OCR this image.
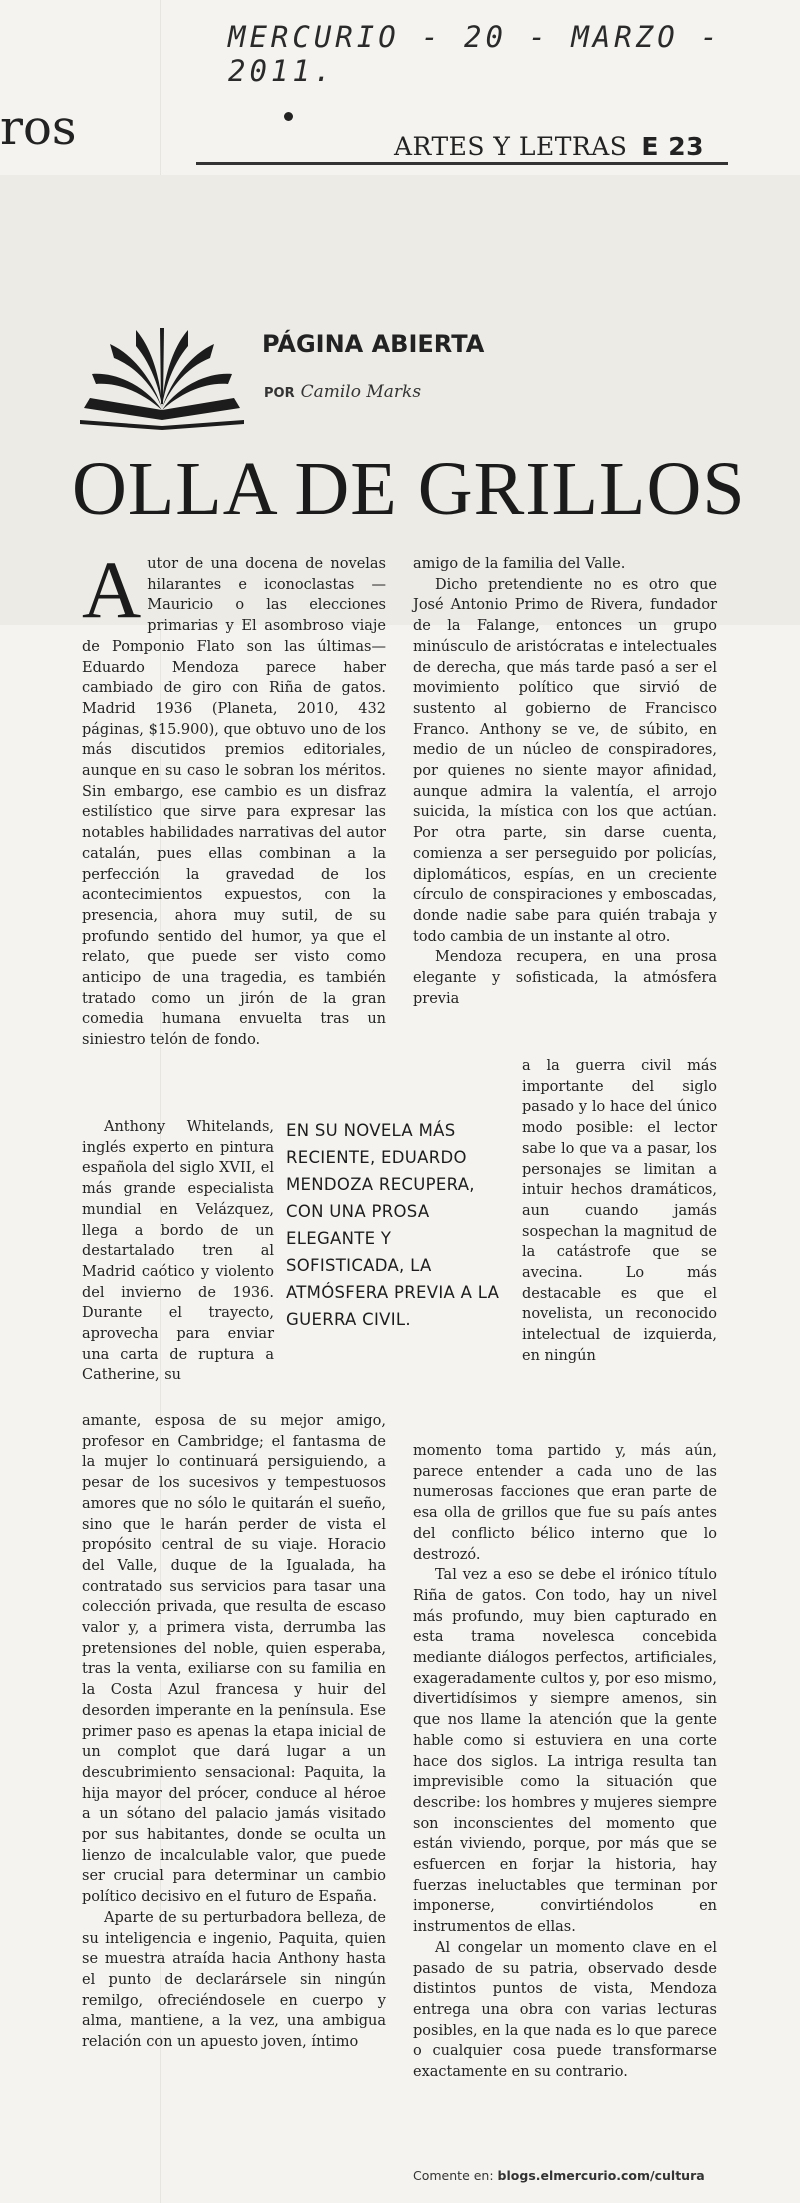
MERCURIO - 20 - MARZO - 2011.
ros	ARTES Y LETRAS E 23
PÁGINA ABIERTA
POR Camilo Marks
OLLA DE GRILLOS
A utor de una docena de novelas hilarantes e iconoclastas —Mauricio o las elecciones primarias y El asombroso viaje de Pomponio Flato son las últimas— Eduardo Mendoza parece haber cambiado de giro con Riña de gatos. Madrid 1936 (Planeta, 2010, 432 páginas, $15.900), que obtuvo uno de los más discutidos premios editoriales, aunque en su caso le sobran los méritos. Sin embargo, ese cambio es un disfraz estilístico que sirve para expresar las notables habilidades narrativas del autor catalán, pues ellas combinan a la perfección la gravedad de los acontecimientos expuestos, con la presencia, ahora muy sutil, de su profundo sentido del humor, ya que el relato, que puede ser visto como anticipo de una tragedia, es también tratado como un jirón de la gran comedia humana envuelta tras un siniestro telón de fondo.

Anthony Whitelands, inglés experto en pintura española del siglo XVII, el más grande especialista mundial en Velázquez, llega a bordo de un destartalado tren al Madrid caótico y violento del invierno de 1936. Durante el trayecto, aprovecha para enviar una carta de ruptura a Catherine, su

EN SU NOVELA MÁS RECIENTE, EDUARDO MENDOZA RECUPERA, CON UNA PROSA ELEGANTE Y SOFISTICADA, LA ATMÓSFERA PREVIA A LA GUERRA CIVIL.

amante, esposa de su mejor amigo, profesor en Cambridge; el fantasma de la mujer lo continuará persiguiendo, a pesar de los sucesivos y tempestuosos amores que no sólo le quitarán el sueño, sino que le harán perder de vista el propósito central de su viaje. Horacio del Valle, duque de la Igualada, ha contratado sus servicios para tasar una colección privada, que resulta de escaso valor y, a primera vista, derrumba las pretensiones del noble, quien esperaba, tras la venta, exiliarse con su familia en la Costa Azul francesa y huir del desorden imperante en la península. Ese primer paso es apenas la etapa inicial de un complot que dará lugar a un descubrimiento sensacional: Paquita, la hija mayor del prócer, conduce al héroe a un sótano del palacio jamás visitado por sus habitantes, donde se oculta un lienzo de incalculable valor, que puede ser crucial para determinar un cambio político decisivo en el futuro de España.

Aparte de su perturbadora belleza, de su inteligencia e ingenio, Paquita, quien se muestra atraída hacia Anthony hasta el punto de declarársele sin ningún remilgo, ofreciéndosele en cuerpo y alma, mantiene, a la vez, una ambigua relación con un apuesto joven, íntimo

amigo de la familia del Valle.

Dicho pretendiente no es otro que José Antonio Primo de Rivera, fundador de la Falange, entonces un grupo minúsculo de aristócratas e intelectuales de derecha, que más tarde pasó a ser el movimiento político que sirvió de sustento al gobierno de Francisco Franco. Anthony se ve, de súbito, en medio de un núcleo de conspiradores, por quienes no siente mayor afinidad, aunque admira la valentía, el arrojo suicida, la mística con los que actúan. Por otra parte, sin darse cuenta, comienza a ser perseguido por policías, diplomáticos, espías, en un creciente círculo de conspiraciones y emboscadas, donde nadie sabe para quién trabaja y todo cambia de un instante al otro.

Mendoza recupera, en una prosa elegante y sofisticada, la atmósfera previa

a la guerra civil más importante del siglo pasado y lo hace del único modo posible: el lector sabe lo que va a pasar, los personajes se limitan a intuir hechos dramáticos, aun cuando jamás sospechan la magnitud de la catástrofe que se avecina. Lo más destacable es que el novelista, un reconocido intelectual de izquierda, en ningún

momento toma partido y, más aún, parece entender a cada uno de las numerosas facciones que eran parte de esa olla de grillos que fue su país antes del conflicto bélico interno que lo destrozó.

Tal vez a eso se debe el irónico título Riña de gatos. Con todo, hay un nivel más profundo, muy bien capturado en esta trama novelesca concebida mediante diálogos perfectos, artificiales, exageradamente cultos y, por eso mismo, divertidísimos y siempre amenos, sin que nos llame la atención que la gente hable como si estuviera en una corte hace dos siglos. La intriga resulta tan imprevisible como la situación que describe: los hombres y mujeres siempre son inconscientes del momento que están viviendo, porque, por más que se esfuercen en forjar la historia, hay fuerzas ineluctables que terminan por imponerse, convirtiéndolos en instrumentos de ellas.

Al congelar un momento clave en el pasado de su patria, observado desde distintos puntos de vista, Mendoza entrega una obra con varias lecturas posibles, en la que nada es lo que parece o cualquier cosa puede transformarse exactamente en su contrario.

Comente en: blogs.elmercurio.com/cultura
